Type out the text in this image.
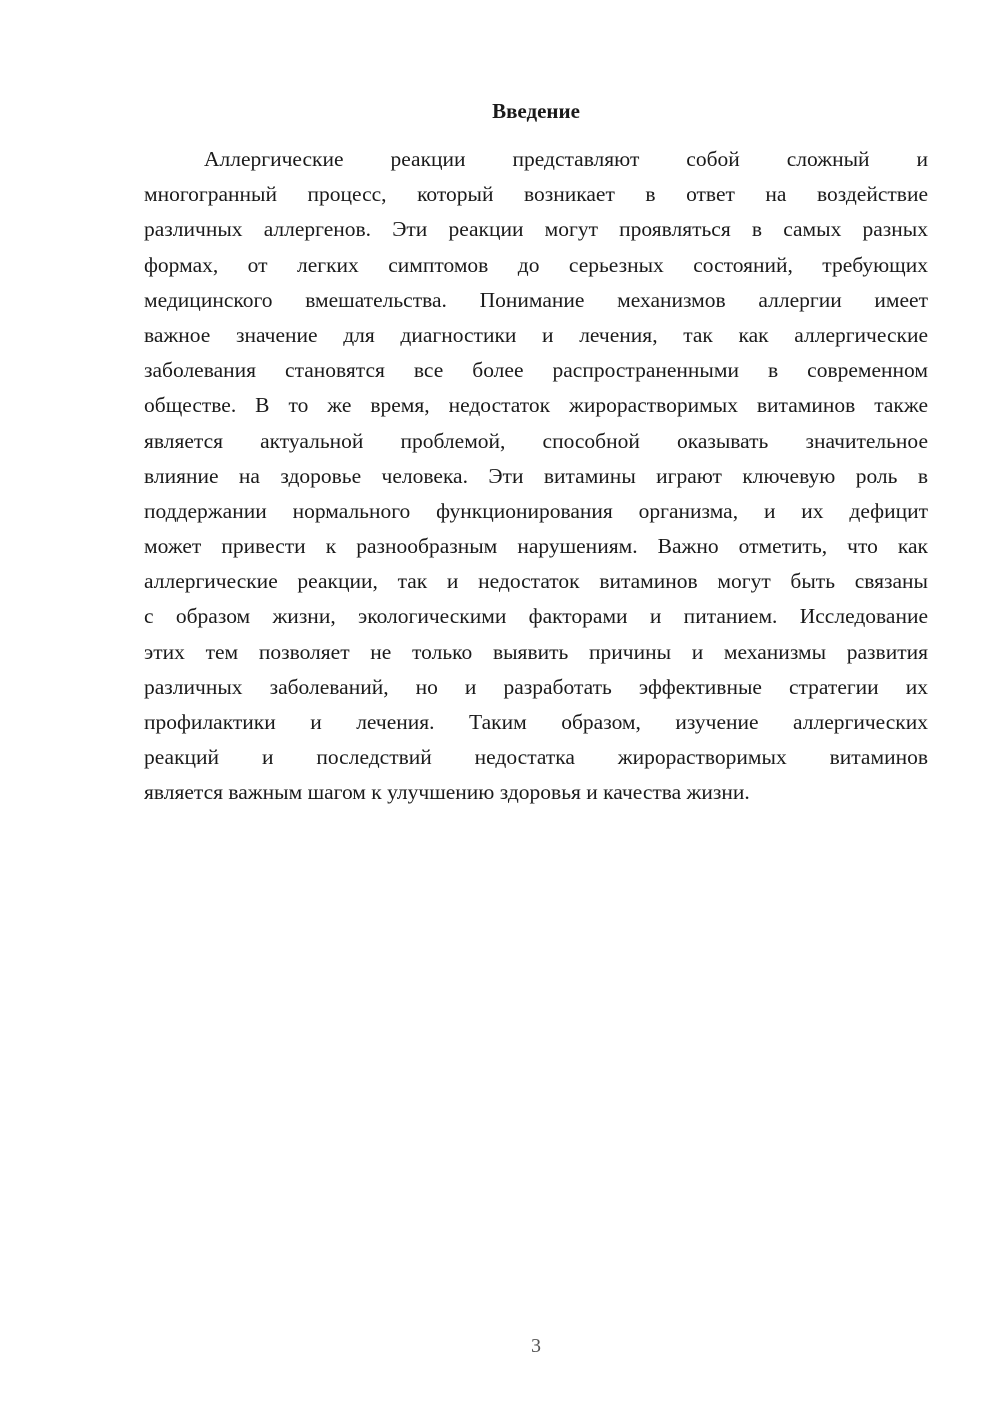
Введение
Аллергические реакции представляют собой сложный и
многогранный процесс, который возникает в ответ на воздействие
различных аллергенов. Эти реакции могут проявляться в самых разных
формах, от легких симптомов до серьезных состояний, требующих
медицинского вмешательства. Понимание механизмов аллергии имеет
важное значение для диагностики и лечения, так как аллергические
заболевания становятся все более распространенными в современном
обществе. В то же время, недостаток жирорастворимых витаминов также
является актуальной проблемой, способной оказывать значительное
влияние на здоровье человека. Эти витамины играют ключевую роль в
поддержании нормального функционирования организма, и их дефицит
может привести к разнообразным нарушениям. Важно отметить, что как
аллергические реакции, так и недостаток витаминов могут быть связаны
с образом жизни, экологическими факторами и питанием. Исследование
этих тем позволяет не только выявить причины и механизмы развития
различных заболеваний, но и разработать эффективные стратегии их
профилактики и лечения. Таким образом, изучение аллергических
реакций и последствий недостатка жирорастворимых витаминов
является важным шагом к улучшению здоровья и качества жизни.
3
